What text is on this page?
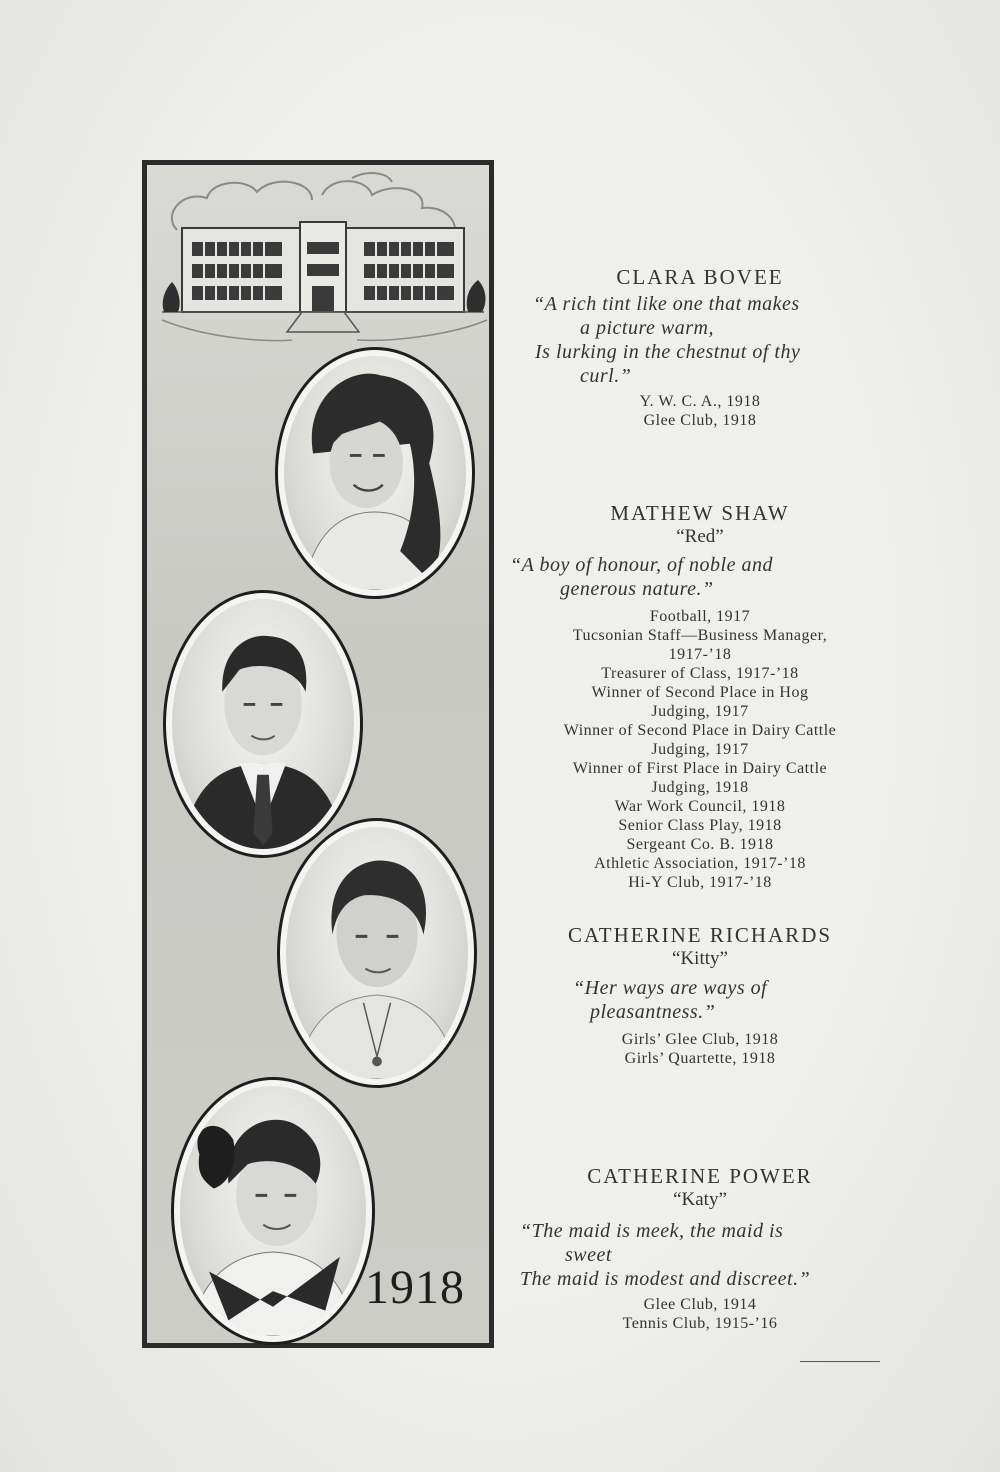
1918
CLARA BOVEE
“A rich tint like one that makes
a picture warm,
Is lurking in the chestnut of thy
curl.”
Y. W. C. A., 1918
Glee Club, 1918
MATHEW SHAW
“Red”
“A boy of honour, of noble and
generous nature.”
Football, 1917
Tucsonian Staff—Business Manager,
1917-’18
Treasurer of Class, 1917-’18
Winner of Second Place in Hog
Judging, 1917
Winner of Second Place in Dairy Cattle
Judging, 1917
Winner of First Place in Dairy Cattle
Judging, 1918
War Work Council, 1918
Senior Class Play, 1918
Sergeant Co. B. 1918
Athletic Association, 1917-’18
Hi-Y Club, 1917-’18
CATHERINE RICHARDS
“Kitty”
“Her ways are ways of
pleasantness.”
Girls’ Glee Club, 1918
Girls’ Quartette, 1918
CATHERINE POWER
“Katy”
“The maid is meek, the maid is
sweet
The maid is modest and discreet.”
Glee Club, 1914
Tennis Club, 1915-’16
